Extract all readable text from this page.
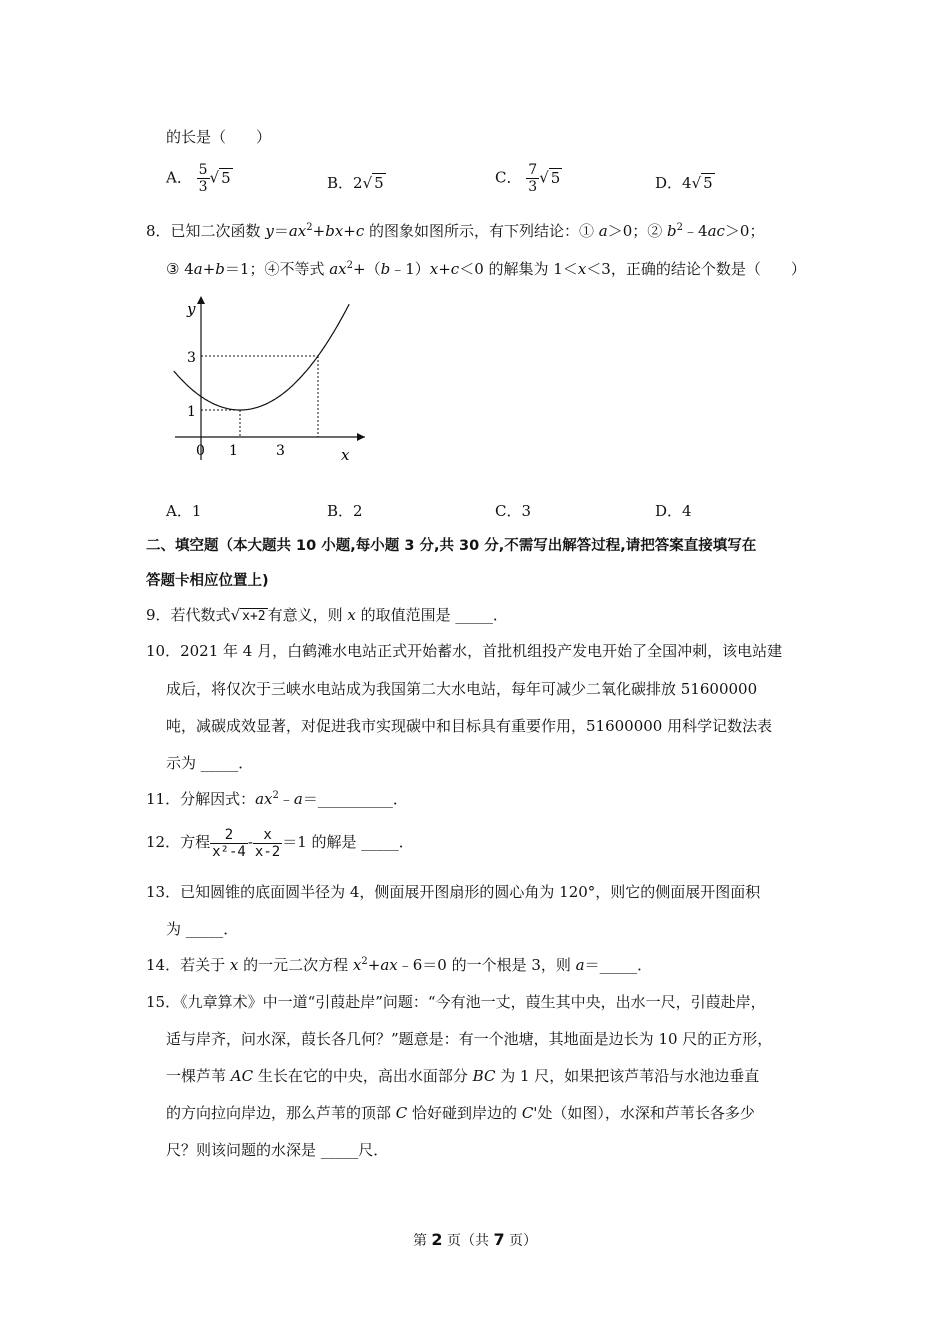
的长是（　　）
A． $\frac{5}{3}$ √ 5	B．2√ 5	C． $\frac{7}{3}$ √ 5	D．4√ 5
8．已知二次函数 $y=ax^2+bx+c$ 的图象如图所示，有下列结论：① a＞0；② $b^2﹣4ac>0$；
③ 4a+b＝1；④不等式 $ax^2+(b﹣1)x+c<0$ 的解集为 1＜x＜3，正确的结论个数是（　　）
y
x
0 1	3
1
3
A．1	B．2	C．3	D．4
二、填空题（本大题共 10 小题,每小题 3 分,共 30 分,不需写出解答过程,请把答案直接填写在
答题卡相应位置上)
9．若代数式√ x+2 有意义，则 x 的取值范围是 _____．
10．2021 年 4 月，白鹤滩水电站正式开始蓄水，首批机组投产发电开始了全国冲刺，该电站建
成后，将仅次于三峡水电站成为我国第二大水电站，每年可减少二氧化碳排放 51600000
吨，减碳成效显著，对促进我市实现碳中和目标具有重要作用，51600000 用科学记数法表
示为 _____．
11．分解因式：$ax^2﹣a=\_\_\_\_\_\_\_\_\_\_$．
12．方程 $\frac{2}{\text{x²-4}} - \frac{x}{x-2} =1$ 的解是 _____．
13．已知圆锥的底面圆半径为 4，侧面展开图扇形的圆心角为 120°，则它的侧面展开图面积
为 _____．
14．若关于 x 的一元二次方程 $x^2+ax﹣6=0$ 的一个根是 3，则 a＝_____．
15．《九章算术》中一道“引葭赴岸”问题：“今有池一丈，葭生其中央，出水一尺，引葭赴岸，
适与岸齐，问水深，葭长各几何？”题意是：有一个池塘，其地面是边长为 10 尺的正方形，
一棵芦苇 AC 生长在它的中央，高出水面部分 BC 为 1 尺，如果把该芦苇沿与水池边垂直
的方向拉向岸边，那么芦苇的顶部 C 恰好碰到岸边的 C'处（如图），水深和芦苇长各多少
尺？则该问题的水深是 _____尺．
第 2 页（共 7 页）
